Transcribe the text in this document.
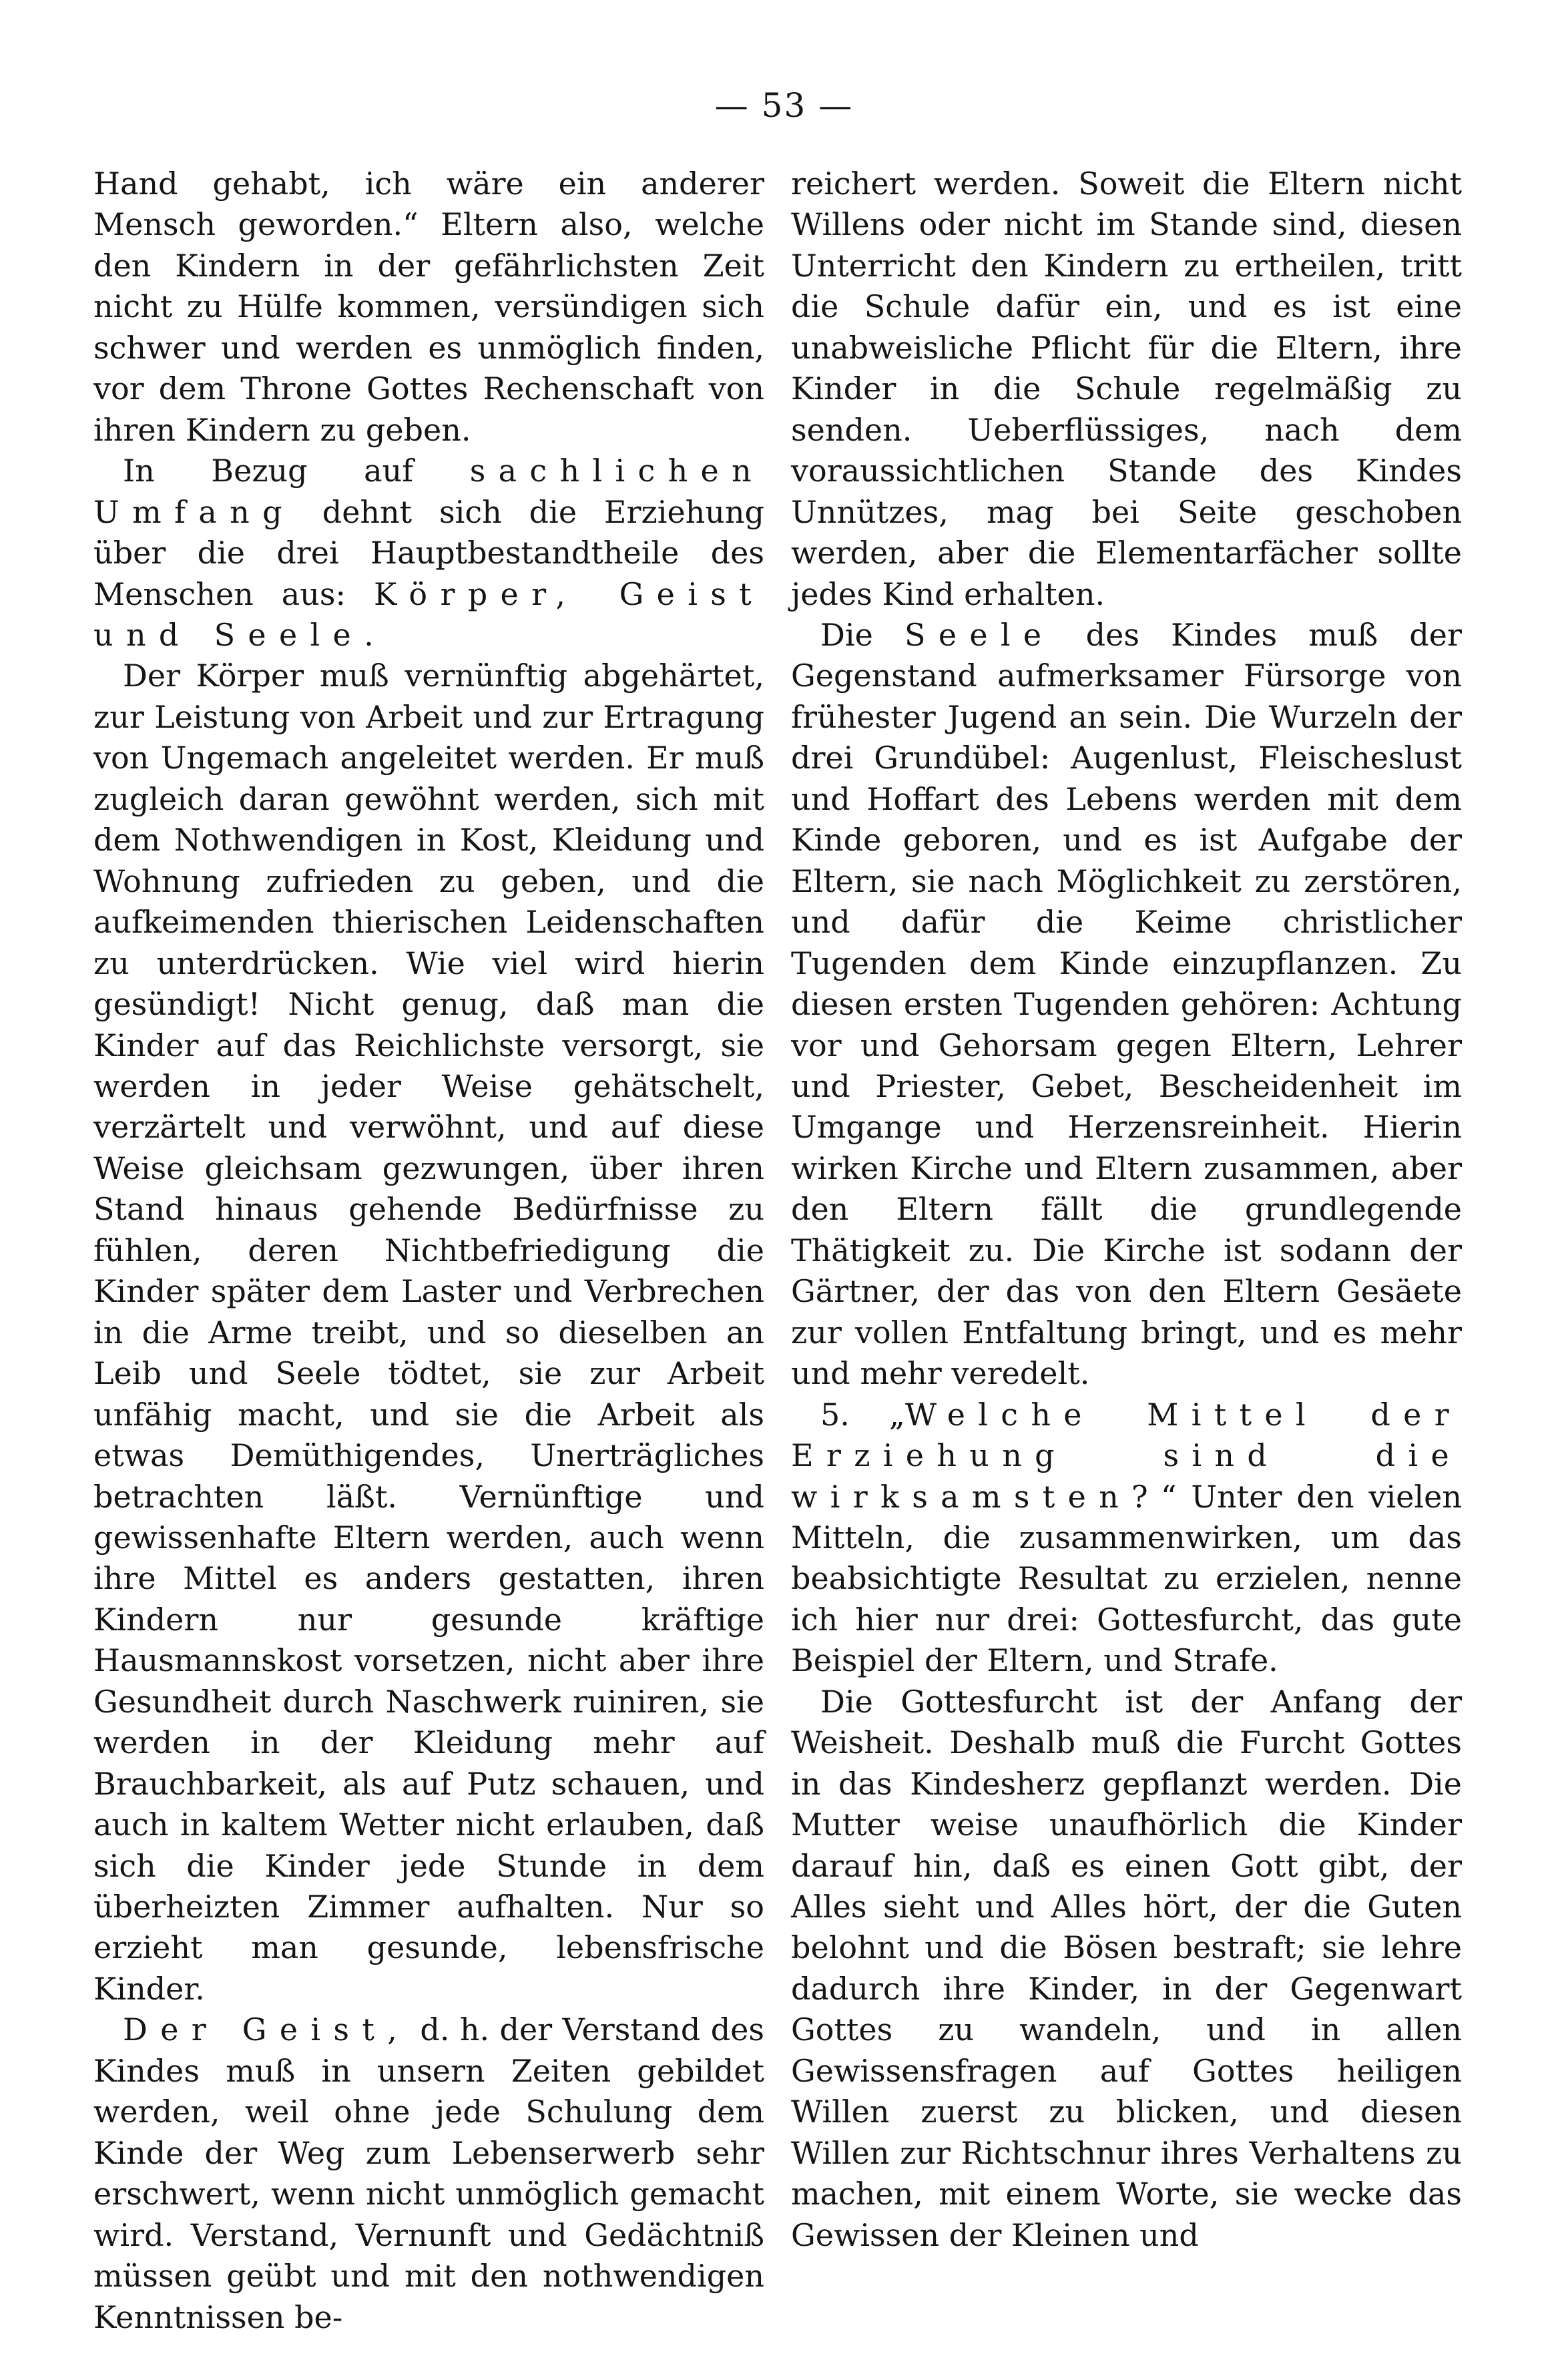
— 53 —

Hand gehabt, ich wäre ein anderer Mensch geworden.“ Eltern also, welche den Kindern in der gefährlichsten Zeit nicht zu Hülfe kommen, versündigen sich schwer und werden es unmöglich finden, vor dem Throne Gottes Rechenschaft von ihren Kindern zu geben.

In Bezug auf sachlichen Umfang dehnt sich die Erziehung über die drei Hauptbestandtheile des Menschen aus: Körper, Geist und Seele.

Der Körper muß vernünftig abgehärtet, zur Leistung von Arbeit und zur Ertragung von Ungemach angeleitet werden. Er muß zugleich daran gewöhnt werden, sich mit dem Nothwendigen in Kost, Kleidung und Wohnung zufrieden zu geben, und die aufkeimenden thierischen Leidenschaften zu unterdrücken. Wie viel wird hierin gesündigt! Nicht genug, daß man die Kinder auf das Reichlichste versorgt, sie werden in jeder Weise gehätschelt, verzärtelt und verwöhnt, und auf diese Weise gleichsam gezwungen, über ihren Stand hinaus gehende Bedürfnisse zu fühlen, deren Nichtbefriedigung die Kinder später dem Laster und Verbrechen in die Arme treibt, und so dieselben an Leib und Seele tödtet, sie zur Arbeit unfähig macht, und sie die Arbeit als etwas Demüthigendes, Unerträgliches betrachten läßt. Vernünftige und gewissenhafte Eltern werden, auch wenn ihre Mittel es anders gestatten, ihren Kindern nur gesunde kräftige Hausmannskost vorsetzen, nicht aber ihre Gesundheit durch Naschwerk ruiniren, sie werden in der Kleidung mehr auf Brauchbarkeit, als auf Putz schauen, und auch in kaltem Wetter nicht erlauben, daß sich die Kinder jede Stunde in dem überheizten Zimmer aufhalten. Nur so erzieht man gesunde, lebensfrische Kinder.

Der Geist, d. h. der Verstand des Kindes muß in unsern Zeiten gebildet werden, weil ohne jede Schulung dem Kinde der Weg zum Lebenserwerb sehr erschwert, wenn nicht unmöglich gemacht wird. Verstand, Vernunft und Gedächtniß müssen geübt und mit den nothwendigen Kenntnissen be-

reichert werden. Soweit die Eltern nicht Willens oder nicht im Stande sind, diesen Unterricht den Kindern zu ertheilen, tritt die Schule dafür ein, und es ist eine unabweisliche Pflicht für die Eltern, ihre Kinder in die Schule regelmäßig zu senden. Ueberflüssiges, nach dem voraussichtlichen Stande des Kindes Unnützes, mag bei Seite geschoben werden, aber die Elementarfächer sollte jedes Kind erhalten.

Die Seele des Kindes muß der Gegenstand aufmerksamer Fürsorge von frühester Jugend an sein. Die Wurzeln der drei Grundübel: Augenlust, Fleischeslust und Hoffart des Lebens werden mit dem Kinde geboren, und es ist Aufgabe der Eltern, sie nach Möglichkeit zu zerstören, und dafür die Keime christlicher Tugenden dem Kinde einzupflanzen. Zu diesen ersten Tugenden gehören: Achtung vor und Gehorsam gegen Eltern, Lehrer und Priester, Gebet, Bescheidenheit im Umgange und Herzensreinheit. Hierin wirken Kirche und Eltern zusammen, aber den Eltern fällt die grundlegende Thätigkeit zu. Die Kirche ist sodann der Gärtner, der das von den Eltern Gesäete zur vollen Entfaltung bringt, und es mehr und mehr veredelt.

5. „Welche Mittel der Erziehung sind die wirksamsten?“ Unter den vielen Mitteln, die zusammenwirken, um das beabsichtigte Resultat zu erzielen, nenne ich hier nur drei: Gottesfurcht, das gute Beispiel der Eltern, und Strafe.

Die Gottesfurcht ist der Anfang der Weisheit. Deshalb muß die Furcht Gottes in das Kindesherz gepflanzt werden. Die Mutter weise unaufhörlich die Kinder darauf hin, daß es einen Gott gibt, der Alles sieht und Alles hört, der die Guten belohnt und die Bösen bestraft; sie lehre dadurch ihre Kinder, in der Gegenwart Gottes zu wandeln, und in allen Gewissensfragen auf Gottes heiligen Willen zuerst zu blicken, und diesen Willen zur Richtschnur ihres Verhaltens zu machen, mit einem Worte, sie wecke das Gewissen der Kleinen und
